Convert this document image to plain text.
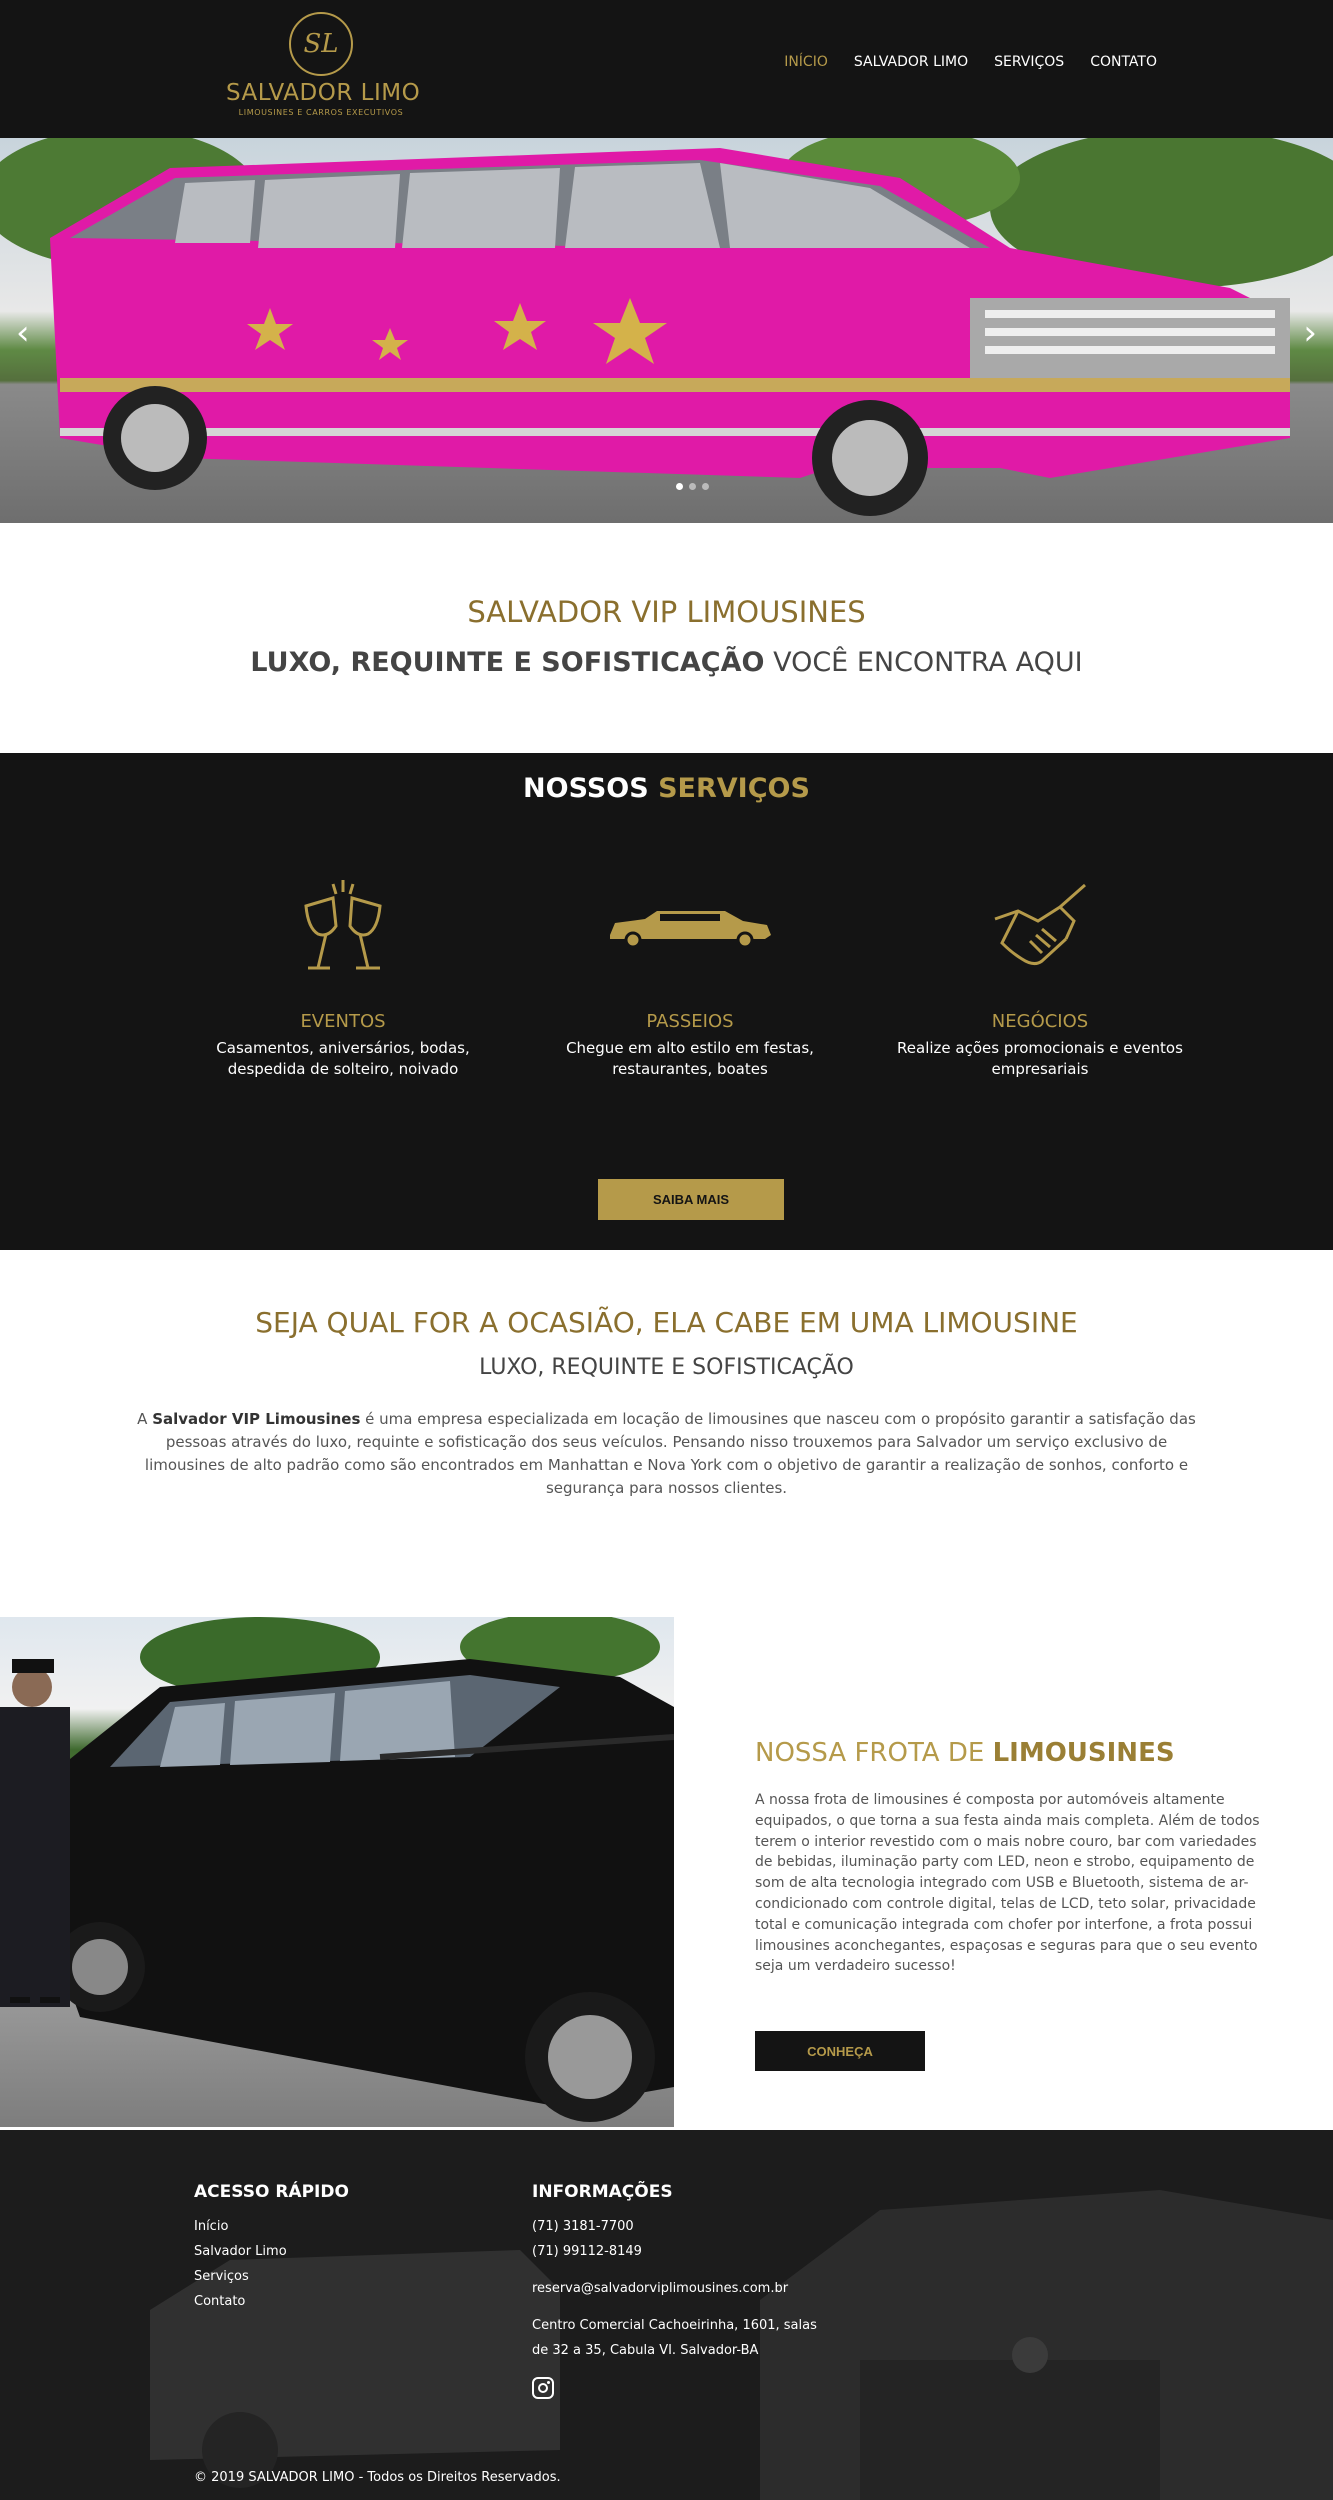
SL
SALVADOR LIMO
LIMOUSINES E CARROS EXECUTIVOS
INÍCIO SALVADOR LIMO SERVIÇOS CONTATO
‹	›
SALVADOR VIP LIMOUSINES
LUXO, REQUINTE E SOFISTICAÇÃO VOCÊ ENCONTRA AQUI
NOSSOS SERVIÇOS
EVENTOS

Casamentos, aniversários, bodas, despedida de solteiro, noivado

PASSEIOS

Chegue em alto estilo em festas, restaurantes, boates

NEGÓCIOS

Realize ações promocionais e eventos empresariais

SAIBA MAIS
SEJA QUAL FOR A OCASIÃO, ELA CABE EM UMA LIMOUSINE
LUXO, REQUINTE E SOFISTICAÇÃO

A Salvador VIP Limousines é uma empresa especializada em locação de limousines que nasceu com o propósito garantir a satisfação das pessoas através do luxo, requinte e sofisticação dos seus veículos. Pensando nisso trouxemos para Salvador um serviço exclusivo de limousines de alto padrão como são encontrados em Manhattan e Nova York com o objetivo de garantir a realização de sonhos, conforto e segurança para nossos clientes.

NOSSA FROTA DE LIMOUSINES

A nossa frota de limousines é composta por automóveis altamente equipados, o que torna a sua festa ainda mais completa. Além de todos terem o interior revestido com o mais nobre couro, bar com variedades de bebidas, iluminação party com LED, neon e strobo, equipamento de som de alta tecnologia integrado com USB e Bluetooth, sistema de ar-condicionado com controle digital, telas de LCD, teto solar, privacidade total e comunicação integrada com chofer por interfone, a frota possui limousines aconchegantes, espaçosas e seguras para que o seu evento seja um verdadeiro sucesso!

CONHEÇA
ACESSO RÁPIDO
Início
Salvador Limo
Serviços
Contato
INFORMAÇÕES
(71) 3181-7700
(71) 99112-8149
reserva@salvadorviplimousines.com.br
Centro Comercial Cachoeirinha, 1601, salas
de 32 a 35, Cabula VI. Salvador-BA
© 2019 SALVADOR LIMO - Todos os Direitos Reservados.
